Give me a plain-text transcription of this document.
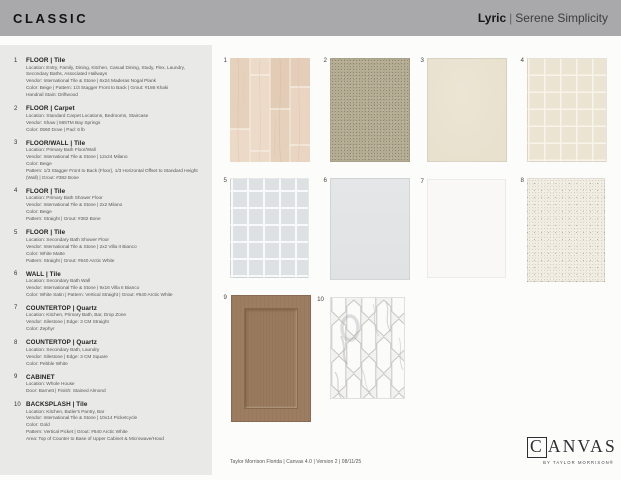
CLASSIC	Lyric | Serene Simplicity
1	FLOOR | Tile
Location: Entry, Family, Dining, Kitchen, Casual Dining, Study, Flex, Laundry, Secondary Baths, Associated Hallways
Vendor: International Tile & Stone | 6x24 Maderas Nogal Plank
Color: Beige | Pattern: 1/3 Stagger Front to Back | Grout: #186 Khaki
Handrail Stain: Driftwood
2	FLOOR | Carpet
Location: Standard Carpet Locations, Bedrooms, Staircase
Vendor: Shaw | 565TM Bay Springs
Color: 0560 Dove | Pad: 6 lb
3	FLOOR/WALL | Tile
Location: Primary Bath Floor/Wall
Vendor: International Tile & Stone | 12x24 Milano
Color: Beige
Pattern: 1/3 Stagger Front to Back (Floor), 1/3 Horizontal Offset to Standard Height (Wall) | Grout: #382 Bone
4	FLOOR | Tile
Location: Primary Bath Shower Floor
Vendor: International Tile & Stone | 2x2 Milano
Color: Beige
Pattern: Straight | Grout: #382 Bone
5	FLOOR | Tile
Location: Secondary Bath Shower Floor
Vendor: International Tile & Stone | 2x2 Villa II Bianco
Color: White Matte
Pattern: Straight | Grout: #640 Arctic White
6	WALL | Tile
Location: Secondary Bath Wall
Vendor: International Tile & Stone | 9x16 Villa II Bianco
Color: White Satin | Pattern: Vertical Straight | Grout: #640 Arctic White
7	COUNTERTOP | Quartz
Location: Kitchen, Primary Bath, Bar, Drop Zone
Vendor: Silestone | Edge: 3 CM Straight
Color: Zephyr
8	COUNTERTOP | Quartz
Location: Secondary Bath, Laundry
Vendor: Silestone | Edge: 3 CM Square
Color: Pebble White
9	CABINET
Location: Whole House
Door: Barnett | Finish: Stained Almond
10 BACKSPLASH | Tile
Location: Kitchen, Butler's Pantry, Bar
Vendor: International Tile & Stone | 10x14 Picketcycle
Color: Gold
Pattern: Vertical Picket | Grout: #640 Arctic White
Area: Top of Counter to Base of Upper Cabinet & Microwave/Hood
1	2	3	4
5	6	7	8
9	10
Taylor Morrison Florida | Canvas 4.0 | Version 2 | 08/11/25
C ANVAS
BY TAYLOR MORRISON®
